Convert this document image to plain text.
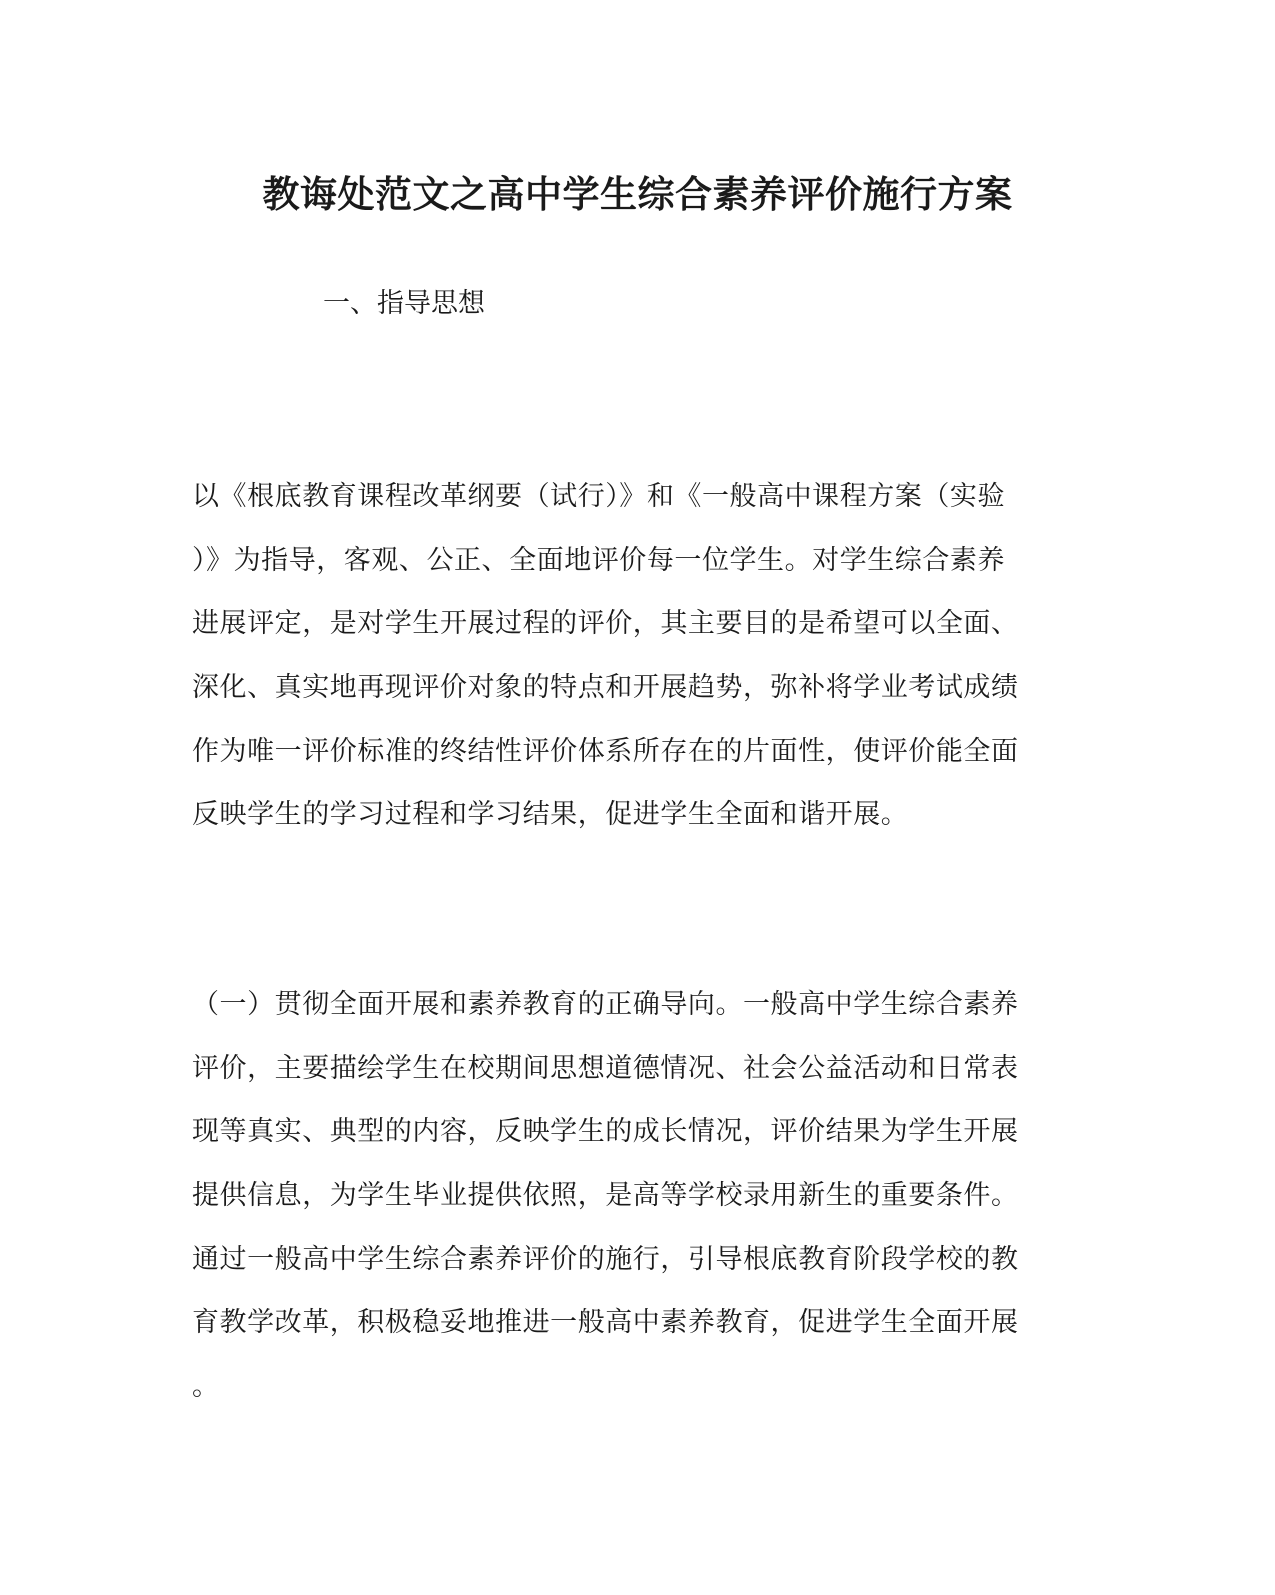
教诲处范文之高中学生综合素养评价施行方案
一、指导思想
以《根底教育课程改革纲要（试行）》和《一般高中课程方案（实验
）》为指导，客观、公正、全面地评价每一位学生。对学生综合素养
进展评定，是对学生开展过程的评价，其主要目的是希望可以全面、
深化、真实地再现评价对象的特点和开展趋势，弥补将学业考试成绩
作为唯一评价标准的终结性评价体系所存在的片面性，使评价能全面
反映学生的学习过程和学习结果，促进学生全面和谐开展。
（一）贯彻全面开展和素养教育的正确导向。一般高中学生综合素养
评价，主要描绘学生在校期间思想道德情况、社会公益活动和日常表
现等真实、典型的内容，反映学生的成长情况，评价结果为学生开展
提供信息，为学生毕业提供依照，是高等学校录用新生的重要条件。
通过一般高中学生综合素养评价的施行，引导根底教育阶段学校的教
育教学改革，积极稳妥地推进一般高中素养教育，促进学生全面开展
。
